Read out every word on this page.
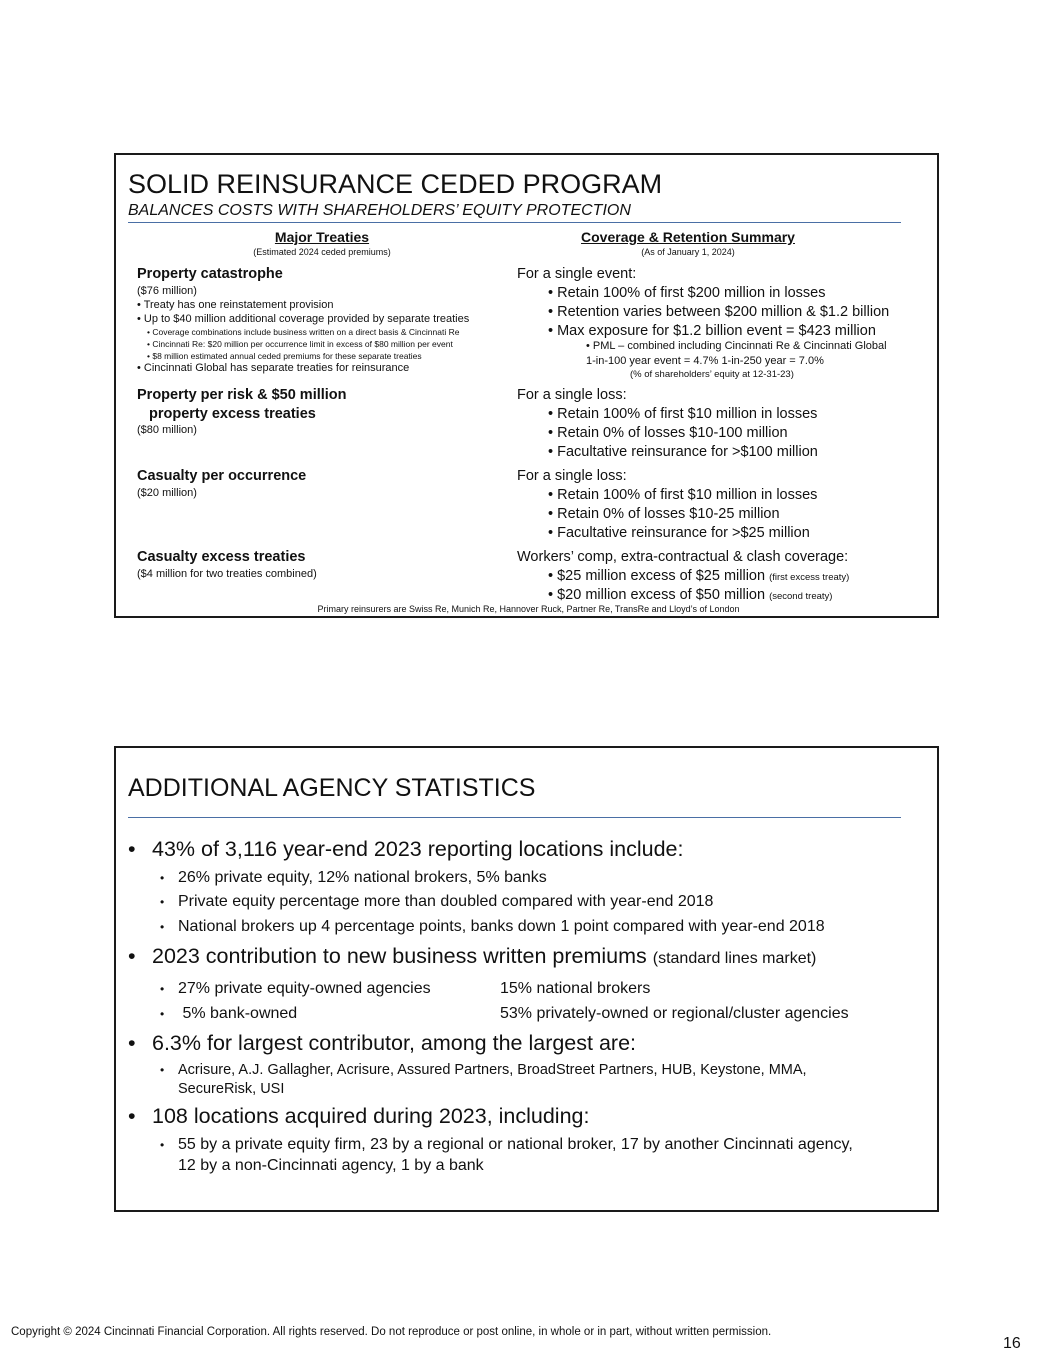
SOLID REINSURANCE CEDED PROGRAM
BALANCES COSTS WITH SHAREHOLDERS’ EQUITY PROTECTION
Major Treaties
(Estimated 2024 ceded premiums)
Coverage & Retention Summary
(As of January 1, 2024)
Property catastrophe
($76 million)
• Treaty has one reinstatement provision
• Up to $40 million additional coverage provided by separate treaties
• Coverage combinations include business written on a direct basis & Cincinnati Re
• Cincinnati Re: $20 million per occurrence limit in excess of $80 million per event
• $8 million estimated annual ceded premiums for these separate treaties
• Cincinnati Global has separate treaties for reinsurance
For a single event:
• Retain 100% of first $200 million in losses
• Retention varies between $200 million & $1.2 billion
• Max exposure for $1.2 billion event = $423 million
• PML – combined including Cincinnati Re & Cincinnati Global
1-in-100 year event = 4.7% 1-in-250 year = 7.0%
(% of shareholders’ equity at 12-31-23)
Property per risk & $50 million
property excess treaties
($80 million)
For a single loss:
• Retain 100% of first $10 million in losses
• Retain 0% of losses $10-100 million
• Facultative reinsurance for >$100 million
Casualty per occurrence
($20 million)
For a single loss:
• Retain 100% of first $10 million in losses
• Retain 0% of losses $10-25 million
• Facultative reinsurance for >$25 million
Casualty excess treaties
($4 million for two treaties combined)
Workers’ comp, extra-contractual & clash coverage:
• $25 million excess of $25 million (first excess treaty)
• $20 million excess of $50 million (second treaty)
Primary reinsurers are Swiss Re, Munich Re, Hannover Ruck, Partner Re, TransRe and Lloyd’s of London
ADDITIONAL AGENCY STATISTICS
• 43% of 3,116 year-end 2023 reporting locations include:
• 26% private equity, 12% national brokers, 5% banks
• Private equity percentage more than doubled compared with year-end 2018
• National brokers up 4 percentage points, banks down 1 point compared with year-end 2018
• 2023 contribution to new business written premiums (standard lines market)
• 27% private equity-owned agencies	15% national brokers
• 5% bank-owned	53% privately-owned or regional/cluster agencies
• 6.3% for largest contributor, among the largest are:
• Acrisure, A.J. Gallagher, Acrisure, Assured Partners, BroadStreet Partners, HUB, Keystone, MMA,
SecureRisk, USI
• 108 locations acquired during 2023, including:
• 55 by a private equity firm, 23 by a regional or national broker, 17 by another Cincinnati agency,
12 by a non-Cincinnati agency, 1 by a bank
16
Copyright © 2024 Cincinnati Financial Corporation. All rights reserved. Do not reproduce or post online, in whole or in part, without written permission.
